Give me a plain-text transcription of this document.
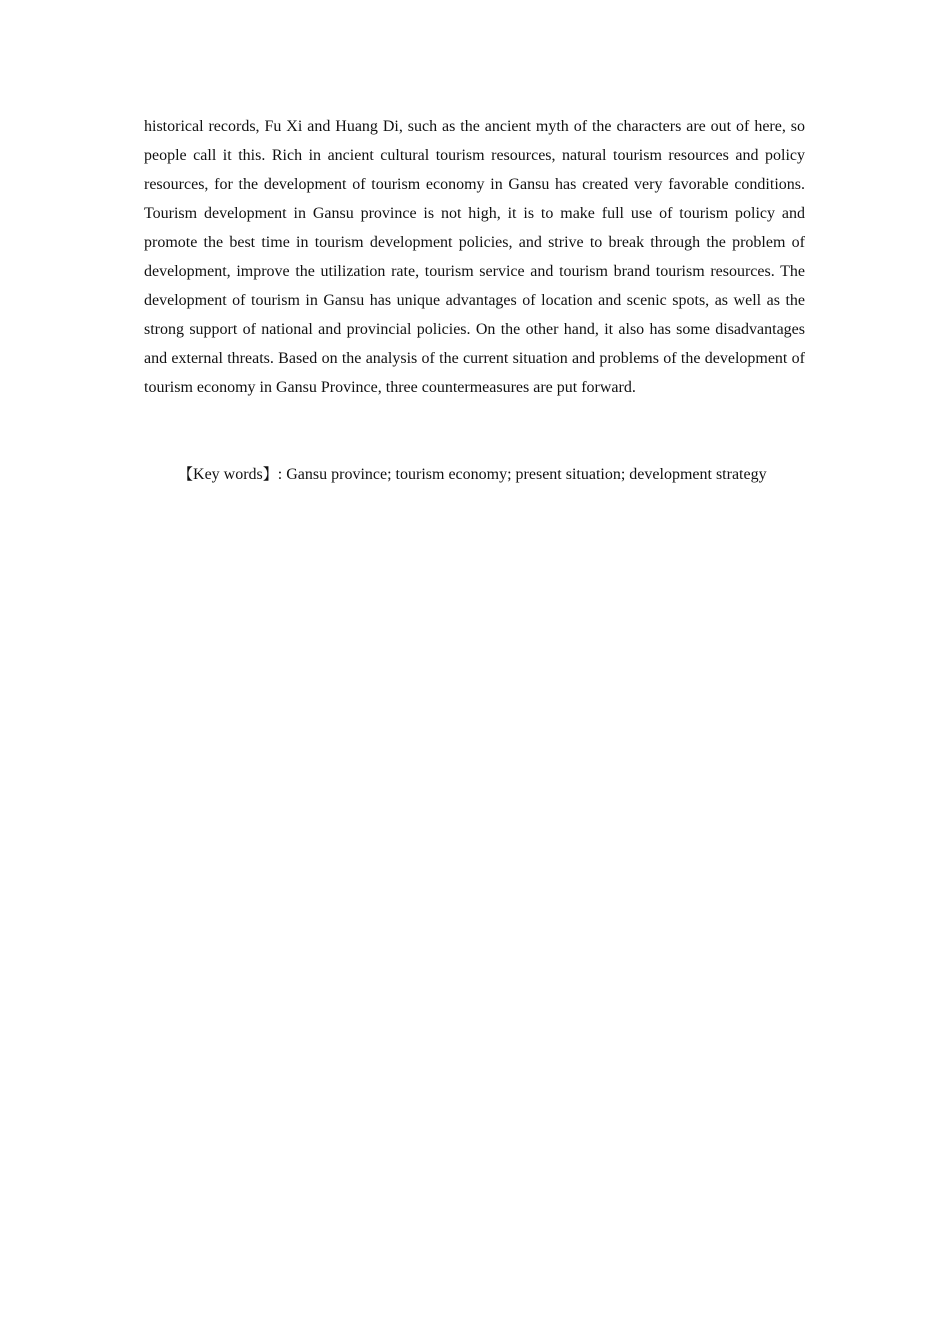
historical records, Fu Xi and Huang Di, such as the ancient myth of the characters are out of here, so people call it this. Rich in ancient cultural tourism resources, natural tourism resources and policy resources, for the development of tourism economy in Gansu has created very favorable conditions. Tourism development in Gansu province is not high, it is to make full use of tourism policy and promote the best time in tourism development policies, and strive to break through the problem of development, improve the utilization rate, tourism service and tourism brand tourism resources. The development of tourism in Gansu has unique advantages of location and scenic spots, as well as the strong support of national and provincial policies. On the other hand, it also has some disadvantages and external threats. Based on the analysis of the current situation and problems of the development of tourism economy in Gansu Province, three countermeasures are put forward.

【Key words】: Gansu province; tourism economy; present situation; development strategy
